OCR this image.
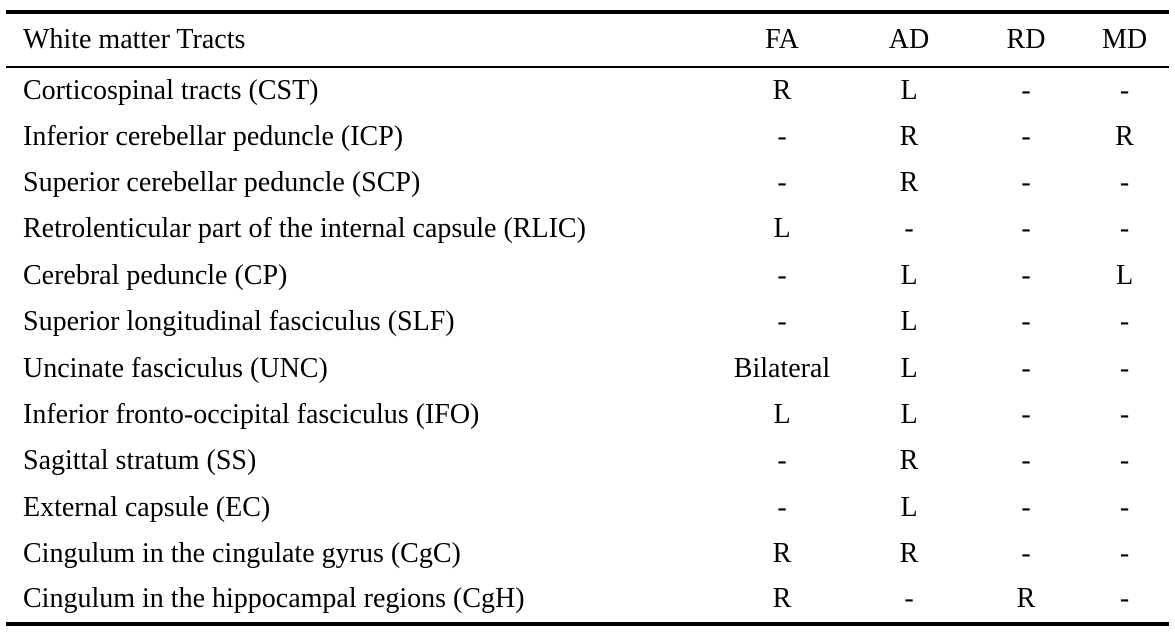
White matter Tracts	FA	AD	RD	MD
Corticospinal tracts (CST)	R	L	-	-
Inferior cerebellar peduncle (ICP)	-	R	-	R
Superior cerebellar peduncle (SCP)	-	R	-	-
Retrolenticular part of the internal capsule (RLIC)	L	-	-	-
Cerebral peduncle (CP)	-	L	-	L
Superior longitudinal fasciculus (SLF)	-	L	-	-
Uncinate fasciculus (UNC)	Bilateral	L	-	-
Inferior fronto-occipital fasciculus (IFO)	L	L	-	-
Sagittal stratum (SS)	-	R	-	-
External capsule (EC)	-	L	-	-
Cingulum in the cingulate gyrus (CgC)	R	R	-	-
Cingulum in the hippocampal regions (CgH)	R	-	R	-
